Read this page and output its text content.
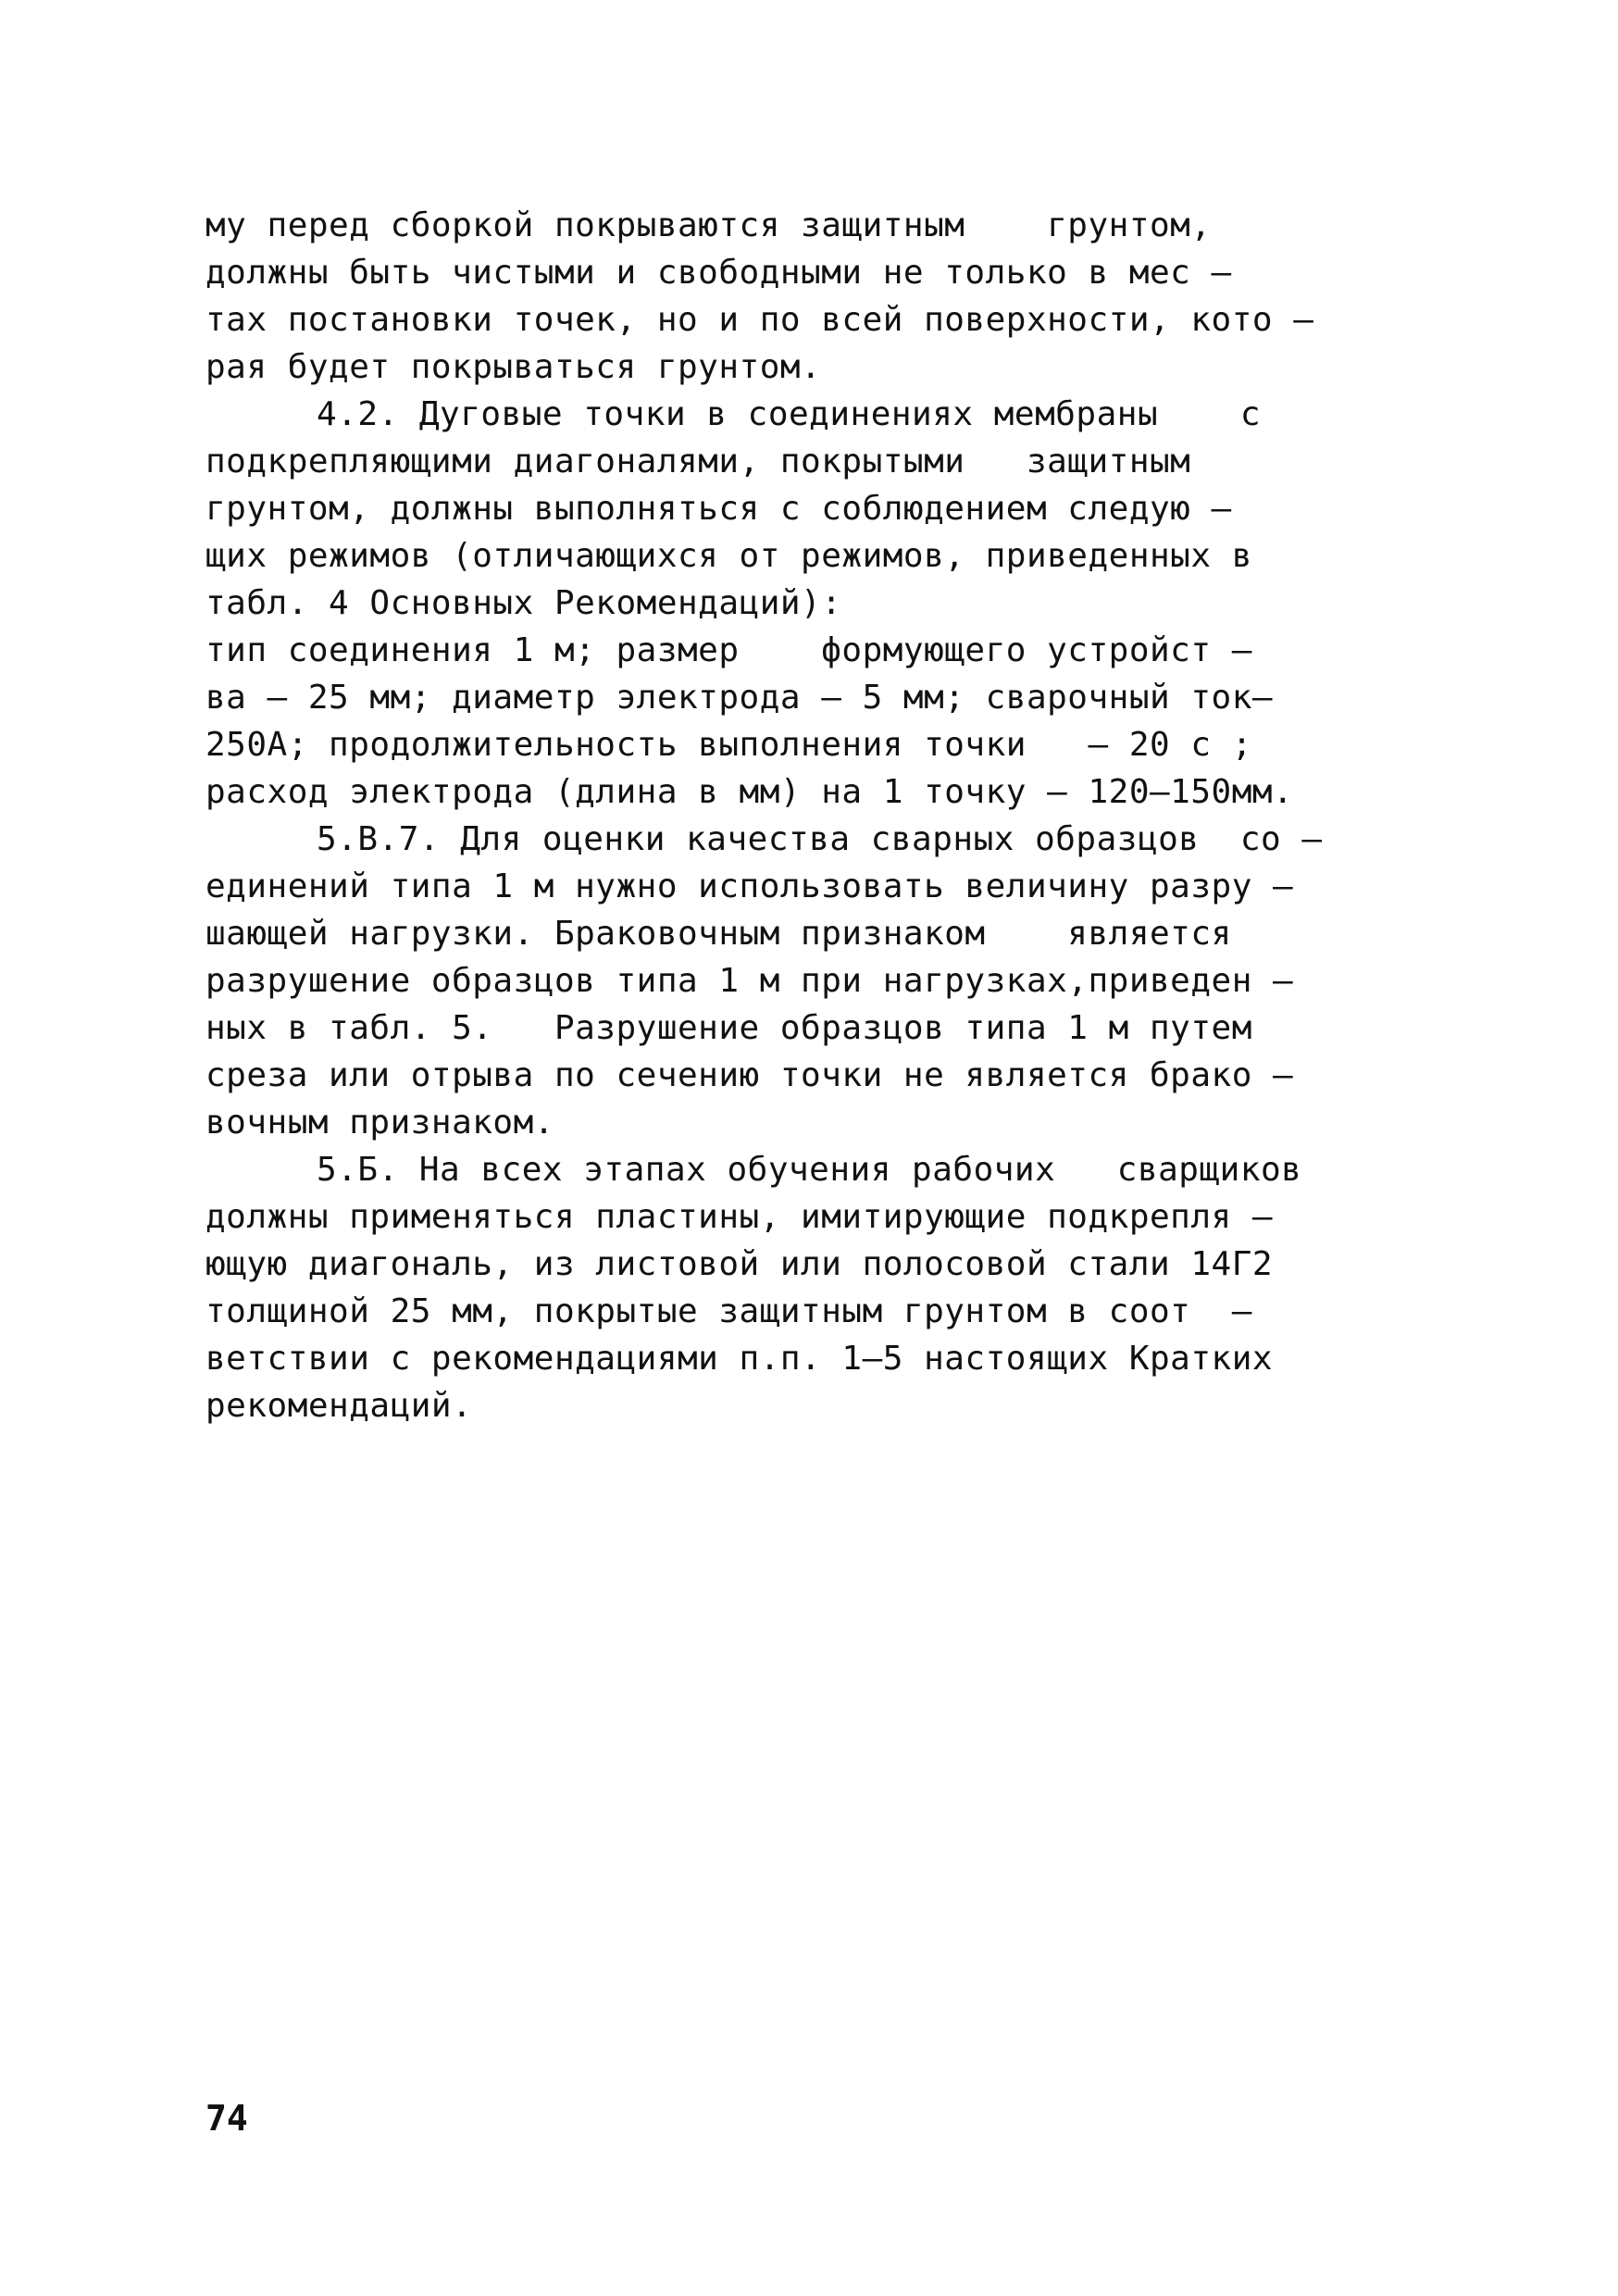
му перед сборкой покрываются защитным    грунтом,
должны быть чистыми и свободными не только в мес –
тах постановки точек, но и по всей поверхности, кото –
рая будет покрываться грунтом.
4.2. Дуговые точки в соединениях мембраны    с
подкрепляющими диагоналями, покрытыми   защитным
грунтом, должны выполняться с соблюдением следую –
щих режимов (отличающихся от режимов, приведенных в
табл. 4 Основных Рекомендаций):
тип соединения 1 м; размер    формующего устройст –
ва – 25 мм; диаметр электрода – 5 мм; сварочный ток–
250А; продолжительность выполнения точки   – 20 с ;
расход электрода (длина в мм) на 1 точку – 120–150мм.
5.В.7. Для оценки качества сварных образцов  со –
единений типа 1 м нужно использовать величину разру –
шающей нагрузки. Браковочным признаком    является
разрушение образцов типа 1 м при нагрузках,приведен –
ных в табл. 5.   Разрушение образцов типа 1 м путем
среза или отрыва по сечению точки не является брако –
вочным признаком.
5.Б. На всех этапах обучения рабочих   сварщиков
должны применяться пластины, имитирующие подкрепля –
ющую диагональ, из листовой или полосовой стали 14Г2
толщиной 25 мм, покрытые защитным грунтом в соот  –
ветствии с рекомендациями п.п. 1–5 настоящих Кратких
рекомендаций.
74
